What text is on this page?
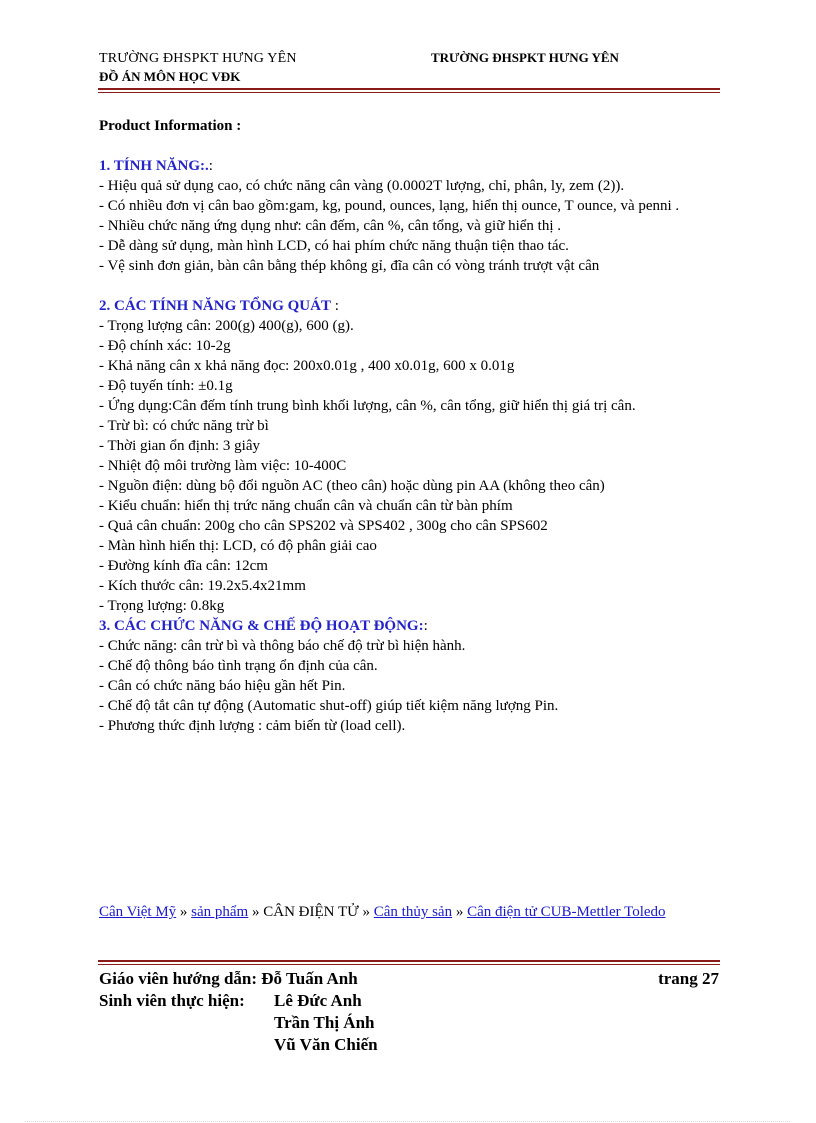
TRƯỜNG ĐHSPKT HƯNG YÊN
ĐỒ ÁN MÔN HỌC VĐK
TRƯỜNG ĐHSPKT HƯNG YÊN

Product Information :

1. TÍNH NĂNG:.:

- Hiệu quả sử dụng cao, có chức năng cân vàng (0.0002T lượng, chỉ, phân, ly, zem (2)).

- Có nhiều đơn vị cân bao gồm:gam, kg, pound, ounces, lạng, hiển thị ounce, T ounce, và penni .

- Nhiều chức năng ứng dụng như: cân đếm, cân %, cân tổng, và giữ hiển thị .

- Dễ dàng sử dụng, màn hình LCD, có hai phím chức năng thuận tiện thao tác.

- Vệ sinh đơn giản, bàn cân bằng thép không gỉ, đĩa cân có vòng tránh trượt vật cân

2. CÁC TÍNH NĂNG TỔNG QUÁT :

- Trọng lượng cân: 200(g) 400(g), 600 (g).

- Độ chính xác: 10-2g

- Khả năng cân x khả năng đọc: 200x0.01g , 400 x0.01g, 600 x 0.01g

- Độ tuyến tính: ±0.1g

- Ứng dụng:Cân đếm tính trung bình khối lượng, cân %, cân tổng, giữ hiển thị giá trị cân.

- Trừ bì: có chức năng trừ bì

- Thời gian ổn định: 3 giây

- Nhiệt độ môi trường làm việc: 10-400C

- Nguồn điện: dùng bộ đổi nguồn AC (theo cân) hoặc dùng pin AA (không theo cân)

- Kiểu chuẩn: hiển thị trức năng chuẩn cân và chuẩn cân từ bàn phím

- Quả cân chuẩn: 200g cho cân SPS202 và SPS402 , 300g cho cân SPS602

- Màn hình hiển thị: LCD, có độ phân giải cao

- Đường kính đĩa cân: 12cm

- Kích thước cân: 19.2x5.4x21mm

- Trọng lượng: 0.8kg

3. CÁC CHỨC NĂNG & CHẾ ĐỘ HOẠT ĐỘNG::

- Chức năng: cân trừ bì và thông báo chế độ trừ bì hiện hành.

- Chế độ thông báo tình trạng ổn định của cân.

- Cân có chức năng báo hiệu gần hết Pin.

- Chế độ tắt cân tự động (Automatic shut-off) giúp tiết kiệm năng lượng Pin.

- Phương thức định lượng : cảm biến từ (load cell).

Cân Việt Mỹ » sản phẩm » CÂN ĐIỆN TỬ » Cân thủy sản » Cân điện tử CUB-Mettler Toledo
Giáo viên hướng dẫn: Đỗ Tuấn Anh	trang 27
Sinh viên thực hiện: Lê Đức Anh
Trần Thị Ánh
Vũ Văn Chiến
